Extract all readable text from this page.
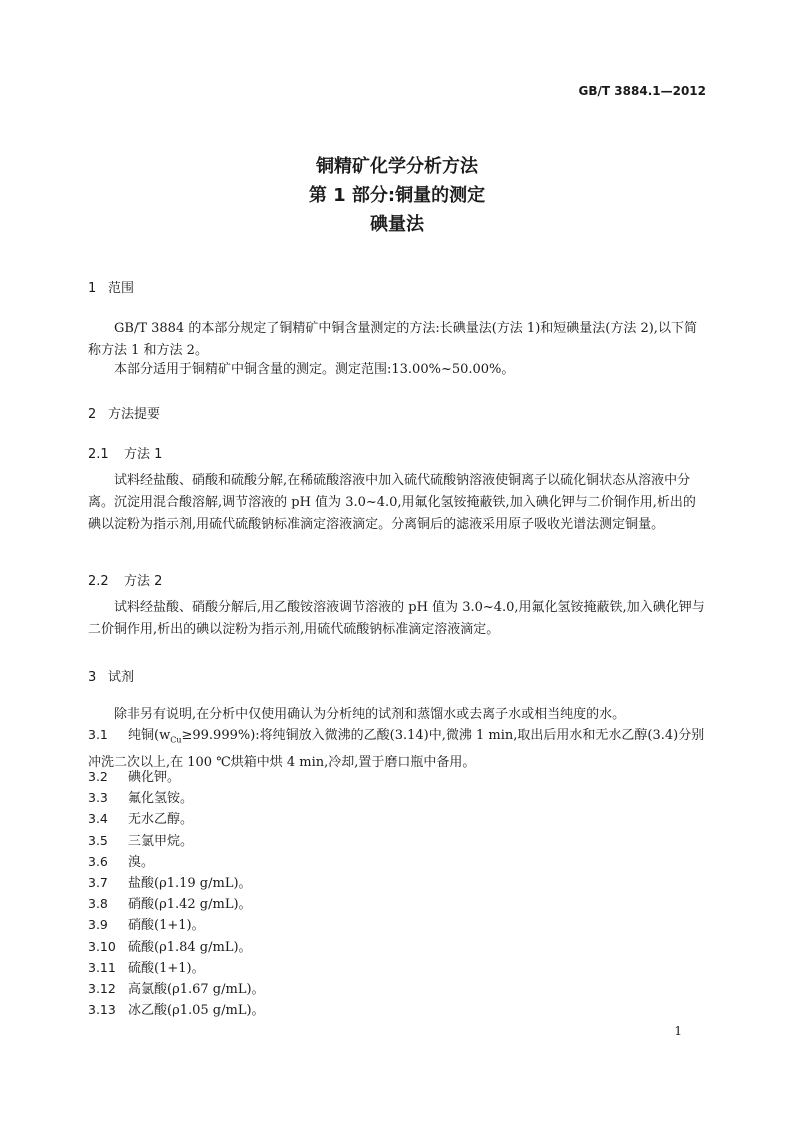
GB/T 3884.1—2012
铜精矿化学分析方法
第 1 部分:铜量的测定
碘量法
1 范围
GB/T 3884 的本部分规定了铜精矿中铜含量测定的方法:长碘量法(方法 1)和短碘量法(方法 2),以下简称方法 1 和方法 2。
本部分适用于铜精矿中铜含量的测定。测定范围:13.00%~50.00%。
2 方法提要
2.1 方法 1
试料经盐酸、硝酸和硫酸分解,在稀硫酸溶液中加入硫代硫酸钠溶液使铜离子以硫化铜状态从溶液中分离。沉淀用混合酸溶解,调节溶液的 pH 值为 3.0~4.0,用氟化氢铵掩蔽铁,加入碘化钾与二价铜作用,析出的碘以淀粉为指示剂,用硫代硫酸钠标准滴定溶液滴定。分离铜后的滤液采用原子吸收光谱法测定铜量。
2.2 方法 2
试料经盐酸、硝酸分解后,用乙酸铵溶液调节溶液的 pH 值为 3.0~4.0,用氟化氢铵掩蔽铁,加入碘化钾与二价铜作用,析出的碘以淀粉为指示剂,用硫代硫酸钠标准滴定溶液滴定。
3 试剂
除非另有说明,在分析中仅使用确认为分析纯的试剂和蒸馏水或去离子水或相当纯度的水。
3.1 纯铜$(w_{Cu}\ge 99.999\%)$:将纯铜放入微沸的乙酸(3.14)中,微沸 1 min,取出后用水和无水乙醇(3.4)分别冲洗二次以上,在 100 ℃烘箱中烘 4 min,冷却,置于磨口瓶中备用。
3.2 碘化钾。
3.3 氟化氢铵。
3.4 无水乙醇。
3.5 三氯甲烷。
3.6 溴。
3.7 盐酸(ρ1.19 g/mL)。
3.8 硝酸(ρ1.42 g/mL)。
3.9 硝酸(1+1)。
3.10 硫酸(ρ1.84 g/mL)。
3.11 硫酸(1+1)。
3.12 高氯酸(ρ1.67 g/mL)。
3.13 冰乙酸(ρ1.05 g/mL)。
1
